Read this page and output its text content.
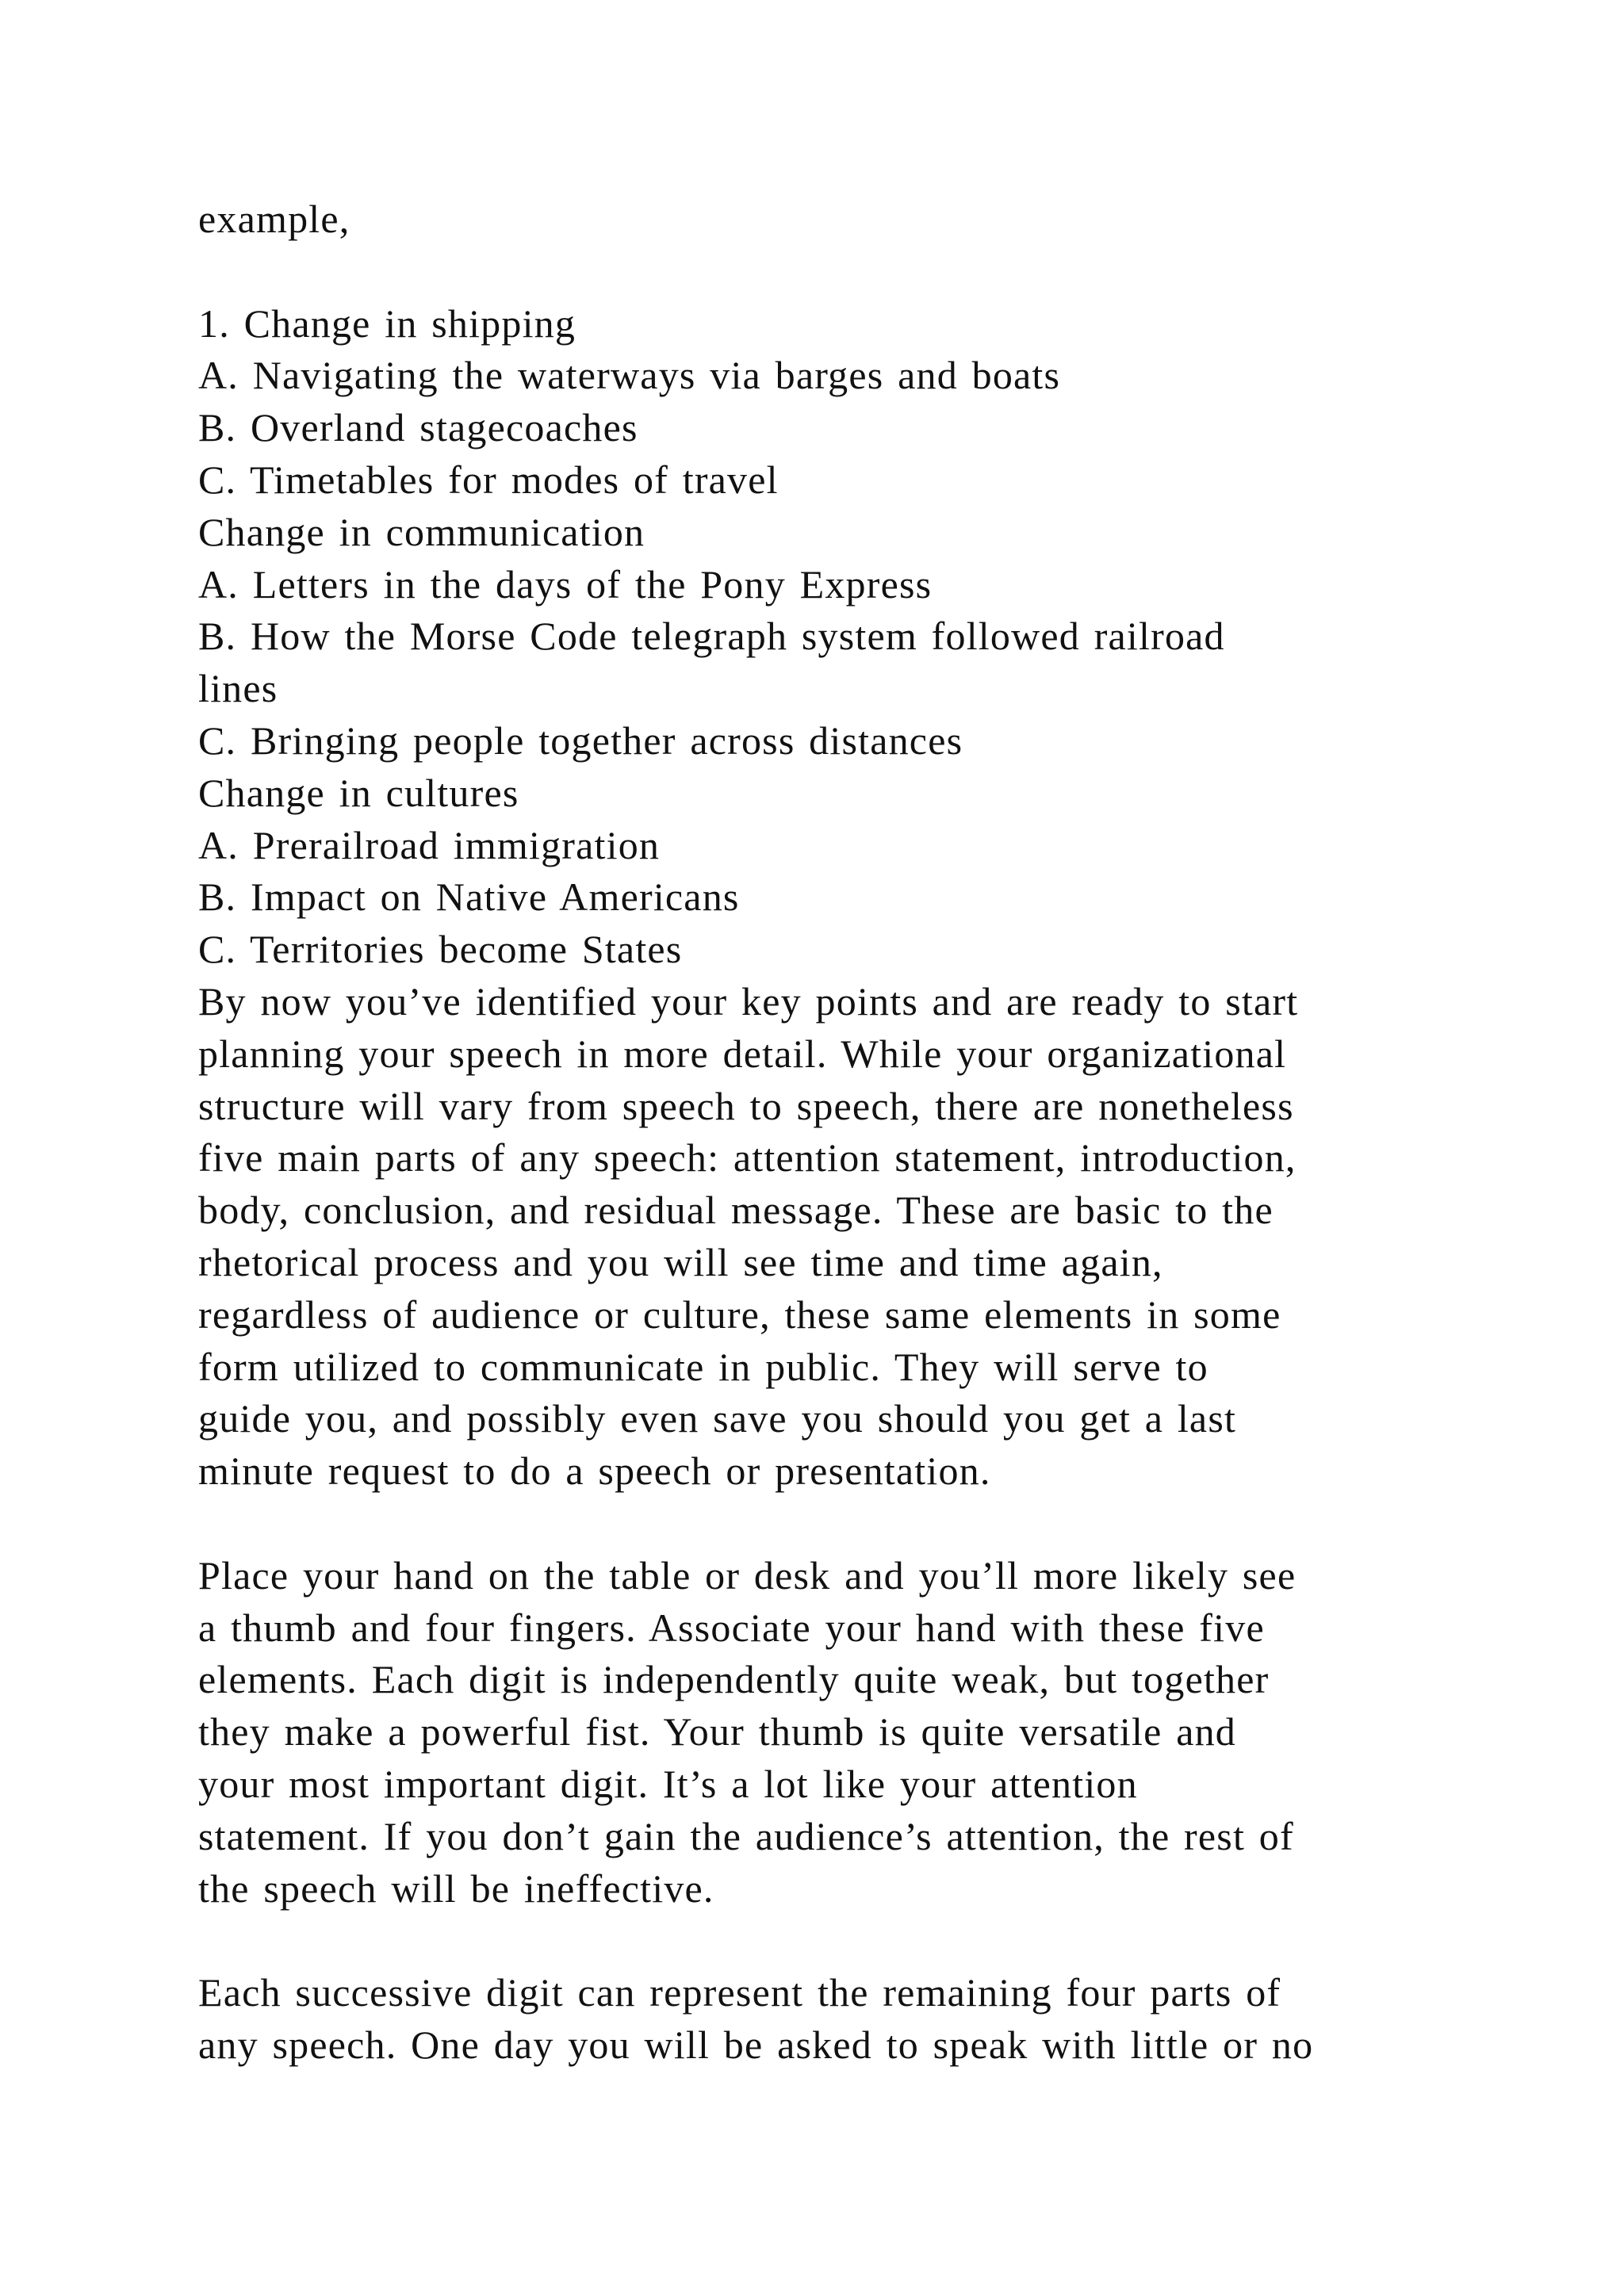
example,
1. Change in shipping
A. Navigating the waterways via barges and boats
B. Overland stagecoaches
C. Timetables for modes of travel
Change in communication
A. Letters in the days of the Pony Express
B. How the Morse Code telegraph system followed railroad
lines
C. Bringing people together across distances
Change in cultures
A. Prerailroad immigration
B. Impact on Native Americans
C. Territories become States
By now you’ve identified your key points and are ready to start
planning your speech in more detail. While your organizational
structure will vary from speech to speech, there are nonetheless
five main parts of any speech: attention statement, introduction,
body, conclusion, and residual message. These are basic to the
rhetorical process and you will see time and time again,
regardless of audience or culture, these same elements in some
form utilized to communicate in public. They will serve to
guide you, and possibly even save you should you get a last
minute request to do a speech or presentation.
Place your hand on the table or desk and you’ll more likely see
a thumb and four fingers. Associate your hand with these five
elements. Each digit is independently quite weak, but together
they make a powerful fist. Your thumb is quite versatile and
your most important digit. It’s a lot like your attention
statement. If you don’t gain the audience’s attention, the rest of
the speech will be ineffective.
Each successive digit can represent the remaining four parts of
any speech. One day you will be asked to speak with little or no
